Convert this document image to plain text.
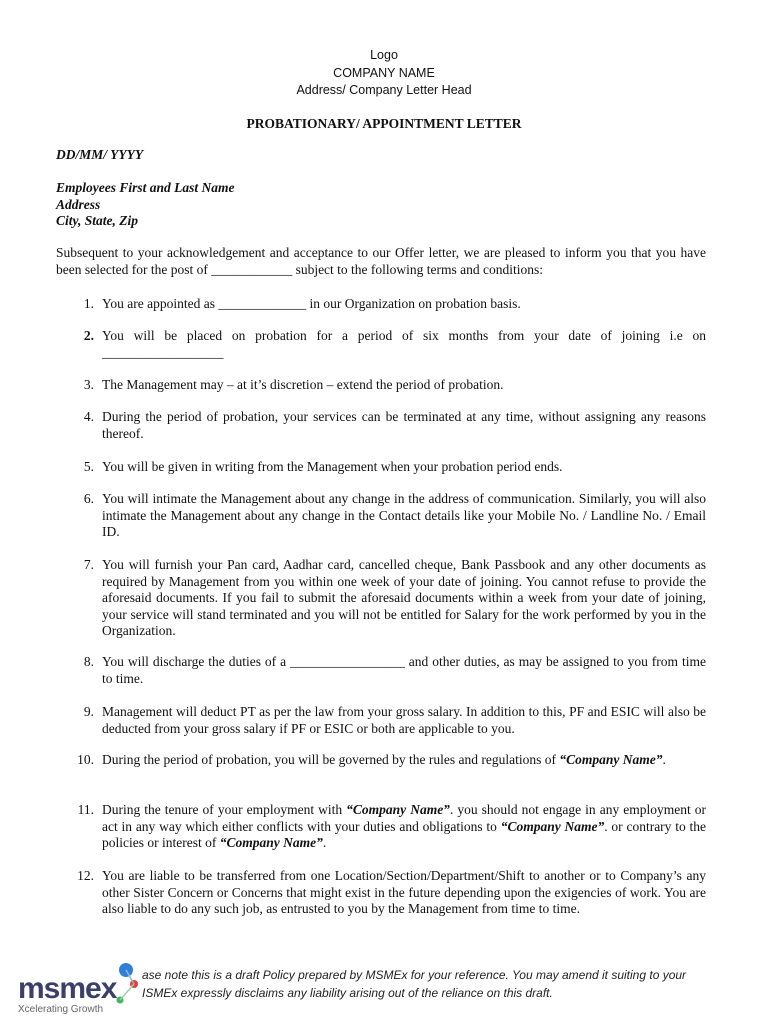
Logo
COMPANY NAME
Address/ Company Letter Head
PROBATIONARY/ APPOINTMENT LETTER
DD/MM/ YYYY
Employees First and Last Name
Address
City, State, Zip
Subsequent to your acknowledgement and acceptance to our Offer letter, we are pleased to inform you that you have been selected for the post of ____________ subject to the following terms and conditions:
1. You are appointed as _____________ in our Organization on probation basis.
2. You will be placed on probation for a period of six months from your date of joining i.e on __________________
3. The Management may – at it’s discretion – extend the period of probation.
4. During the period of probation, your services can be terminated at any time, without assigning any reasons thereof.
5. You will be given in writing from the Management when your probation period ends.
6. You will intimate the Management about any change in the address of communication. Similarly, you will also intimate the Management about any change in the Contact details like your Mobile No. / Landline No. / Email ID.
7. You will furnish your Pan card, Aadhar card, cancelled cheque, Bank Passbook and any other documents as required by Management from you within one week of your date of joining. You cannot refuse to provide the aforesaid documents. If you fail to submit the aforesaid documents within a week from your date of joining, your service will stand terminated and you will not be entitled for Salary for the work performed by you in the Organization.
8. You will discharge the duties of a _________________ and other duties, as may be assigned to you from time to time.
9. Management will deduct PT as per the law from your gross salary. In addition to this, PF and ESIC will also be deducted from your gross salary if PF or ESIC or both are applicable to you.
10. During the period of probation, you will be governed by the rules and regulations of “Company Name”.
11. During the tenure of your employment with “Company Name”. you should not engage in any employment or act in any way which either conflicts with your duties and obligations to “Company Name”. or contrary to the policies or interest of “Company Name”.
12. You are liable to be transferred from one Location/Section/Department/Shift to another or to Company’s any other Sister Concern or Concerns that might exist in the future depending upon the exigencies of work. You are also liable to do any such job, as entrusted to you by the Management from time to time.
msmex
Xcelerating Growth
ase note this is a draft Policy prepared by MSMEx for your reference. You may amend it suiting to your
ISMEx expressly disclaims any liability arising out of the reliance on this draft.
